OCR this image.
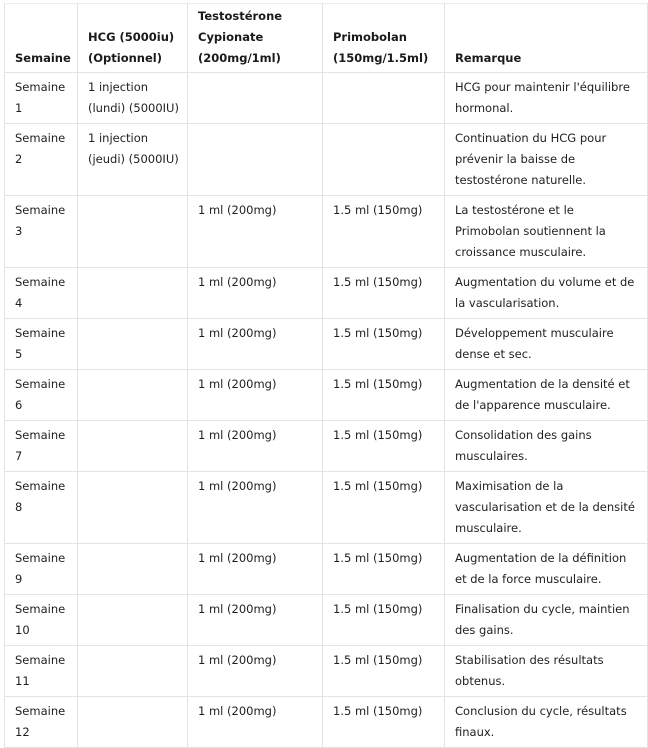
Semaine	HCG (5000iu) (Optionnel)	Testostérone Cypionate (200mg/1ml)	Primobolan (150mg/1.5ml)	Remarque
Semaine 1	1 injection (lundi) (5000IU)			HCG pour maintenir l'équilibre hormonal.
Semaine 2	1 injection (jeudi) (5000IU)			Continuation du HCG pour prévenir la baisse de testostérone naturelle.
Semaine 3		1 ml (200mg)	1.5 ml (150mg)	La testostérone et le Primobolan soutiennent la croissance musculaire.
Semaine 4		1 ml (200mg)	1.5 ml (150mg)	Augmentation du volume et de la vascularisation.
Semaine 5		1 ml (200mg)	1.5 ml (150mg)	Développement musculaire dense et sec.
Semaine 6		1 ml (200mg)	1.5 ml (150mg)	Augmentation de la densité et de l'apparence musculaire.
Semaine 7		1 ml (200mg)	1.5 ml (150mg)	Consolidation des gains musculaires.
Semaine 8		1 ml (200mg)	1.5 ml (150mg)	Maximisation de la vascularisation et de la densité musculaire.
Semaine 9		1 ml (200mg)	1.5 ml (150mg)	Augmentation de la définition et de la force musculaire.
Semaine 10		1 ml (200mg)	1.5 ml (150mg)	Finalisation du cycle, maintien des gains.
Semaine 11		1 ml (200mg)	1.5 ml (150mg)	Stabilisation des résultats obtenus.
Semaine 12		1 ml (200mg)	1.5 ml (150mg)	Conclusion du cycle, résultats finaux.
